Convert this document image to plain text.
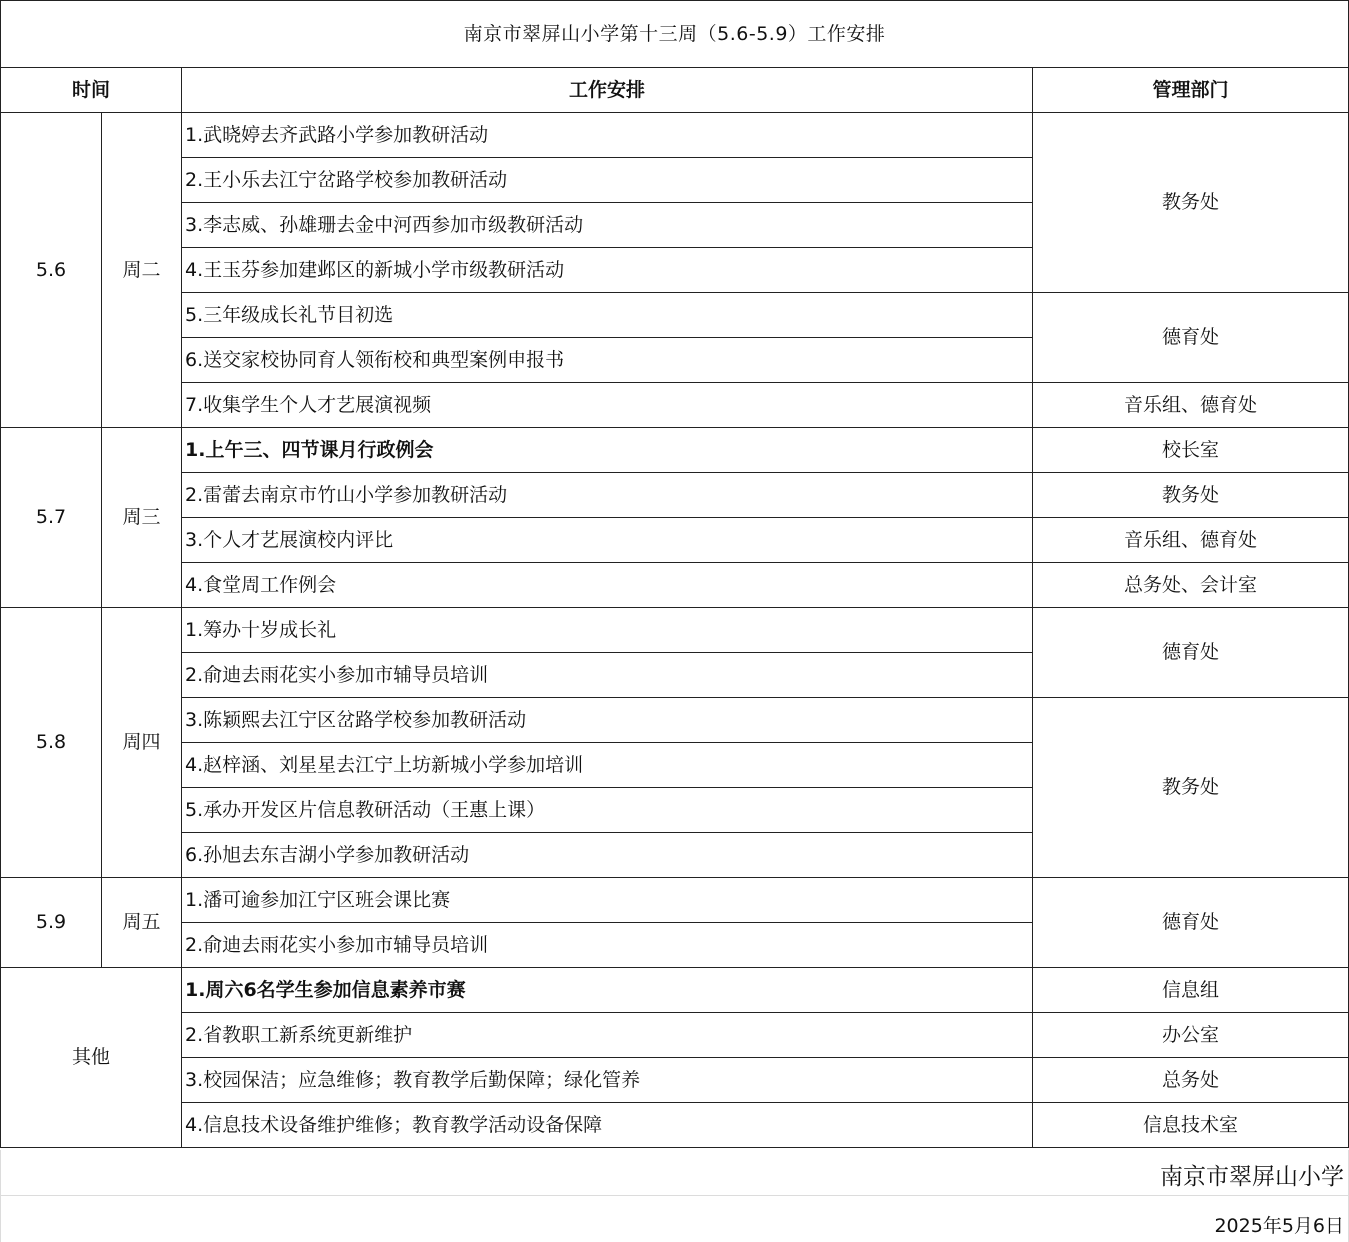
南京市翠屏山小学第十三周（5.6-5.9）工作安排			
时间		工作安排	管理部门
5.6	周二	1.武晓婷去齐武路小学参加教研活动	教务处
		2.王小乐去江宁岔路学校参加教研活动	
		3.李志威、孙雄珊去金中河西参加市级教研活动	
		4.王玉芬参加建邺区的新城小学市级教研活动	
		5.三年级成长礼节目初选	德育处
		6.送交家校协同育人领衔校和典型案例申报书	
		7.收集学生个人才艺展演视频	音乐组、德育处
5.7	周三	1.上午三、四节课月行政例会	校长室
		2.雷蕾去南京市竹山小学参加教研活动	教务处
		3.个人才艺展演校内评比	音乐组、德育处
		4.食堂周工作例会	总务处、会计室
5.8	周四	1.筹办十岁成长礼	德育处
		2.俞迪去雨花实小参加市辅导员培训	
		3.陈颖熙去江宁区岔路学校参加教研活动	教务处
		4.赵梓涵、刘星星去江宁上坊新城小学参加培训	
		5.承办开发区片信息教研活动（王惠上课）	
		6.孙旭去东吉湖小学参加教研活动	
5.9	周五	1.潘可逾参加江宁区班会课比赛	德育处
		2.俞迪去雨花实小参加市辅导员培训	
其他		1.周六6名学生参加信息素养市赛	信息组
		2.省教职工新系统更新维护	办公室
		3.校园保洁；应急维修；教育教学后勤保障；绿化管养	总务处
		4.信息技术设备维护维修；教育教学活动设备保障	信息技术室
南京市翠屏山小学
2025年5月6日
